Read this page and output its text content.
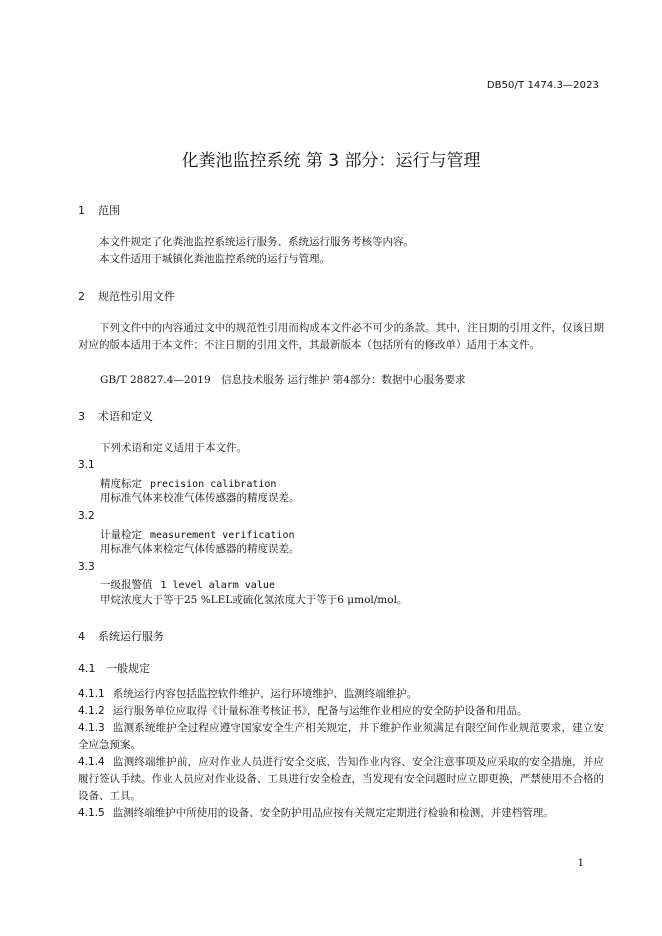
DB50/T 1474.3—2023
化粪池监控系统 第 3 部分：运行与管理
1 范围
本文件规定了化粪池监控系统运行服务、系统运行服务考核等内容。
本文件适用于城镇化粪池监控系统的运行与管理。
2 规范性引用文件
下列文件中的内容通过文中的规范性引用而构成本文件必不可少的条款。其中，注日期的引用文件，仅该日期对应的版本适用于本文件；不注日期的引用文件，其最新版本（包括所有的修改单）适用于本文件。
GB/T 28827.4—2019　信息技术服务 运行维护 第4部分：数据中心服务要求
3 术语和定义
下列术语和定义适用于本文件。
3.1
精度标定 precision calibration
用标准气体来校准气体传感器的精度误差。
3.2
计量检定 measurement verification
用标准气体来检定气体传感器的精度误差。
3.3
一级报警值 1 level alarm value
甲烷浓度大于等于25 %LEL或硫化氢浓度大于等于6 μmol/mol。
4 系统运行服务
4.1 一般规定
4.1.1 系统运行内容包括监控软件维护、运行环境维护、监测终端维护。
4.1.2 运行服务单位应取得《计量标准考核证书》，配备与运维作业相应的安全防护设备和用品。
4.1.3 监测系统维护全过程应遵守国家安全生产相关规定，井下维护作业须满足有限空间作业规范要求，建立安全应急预案。
4.1.4 监测终端维护前，应对作业人员进行安全交底，告知作业内容、安全注意事项及应采取的安全措施，并应履行签认手续。作业人员应对作业设备、工具进行安全检查，当发现有安全问题时应立即更换，严禁使用不合格的设备、工具。
4.1.5 监测终端维护中所使用的设备、安全防护用品应按有关规定定期进行检验和检测，并建档管理。
1
